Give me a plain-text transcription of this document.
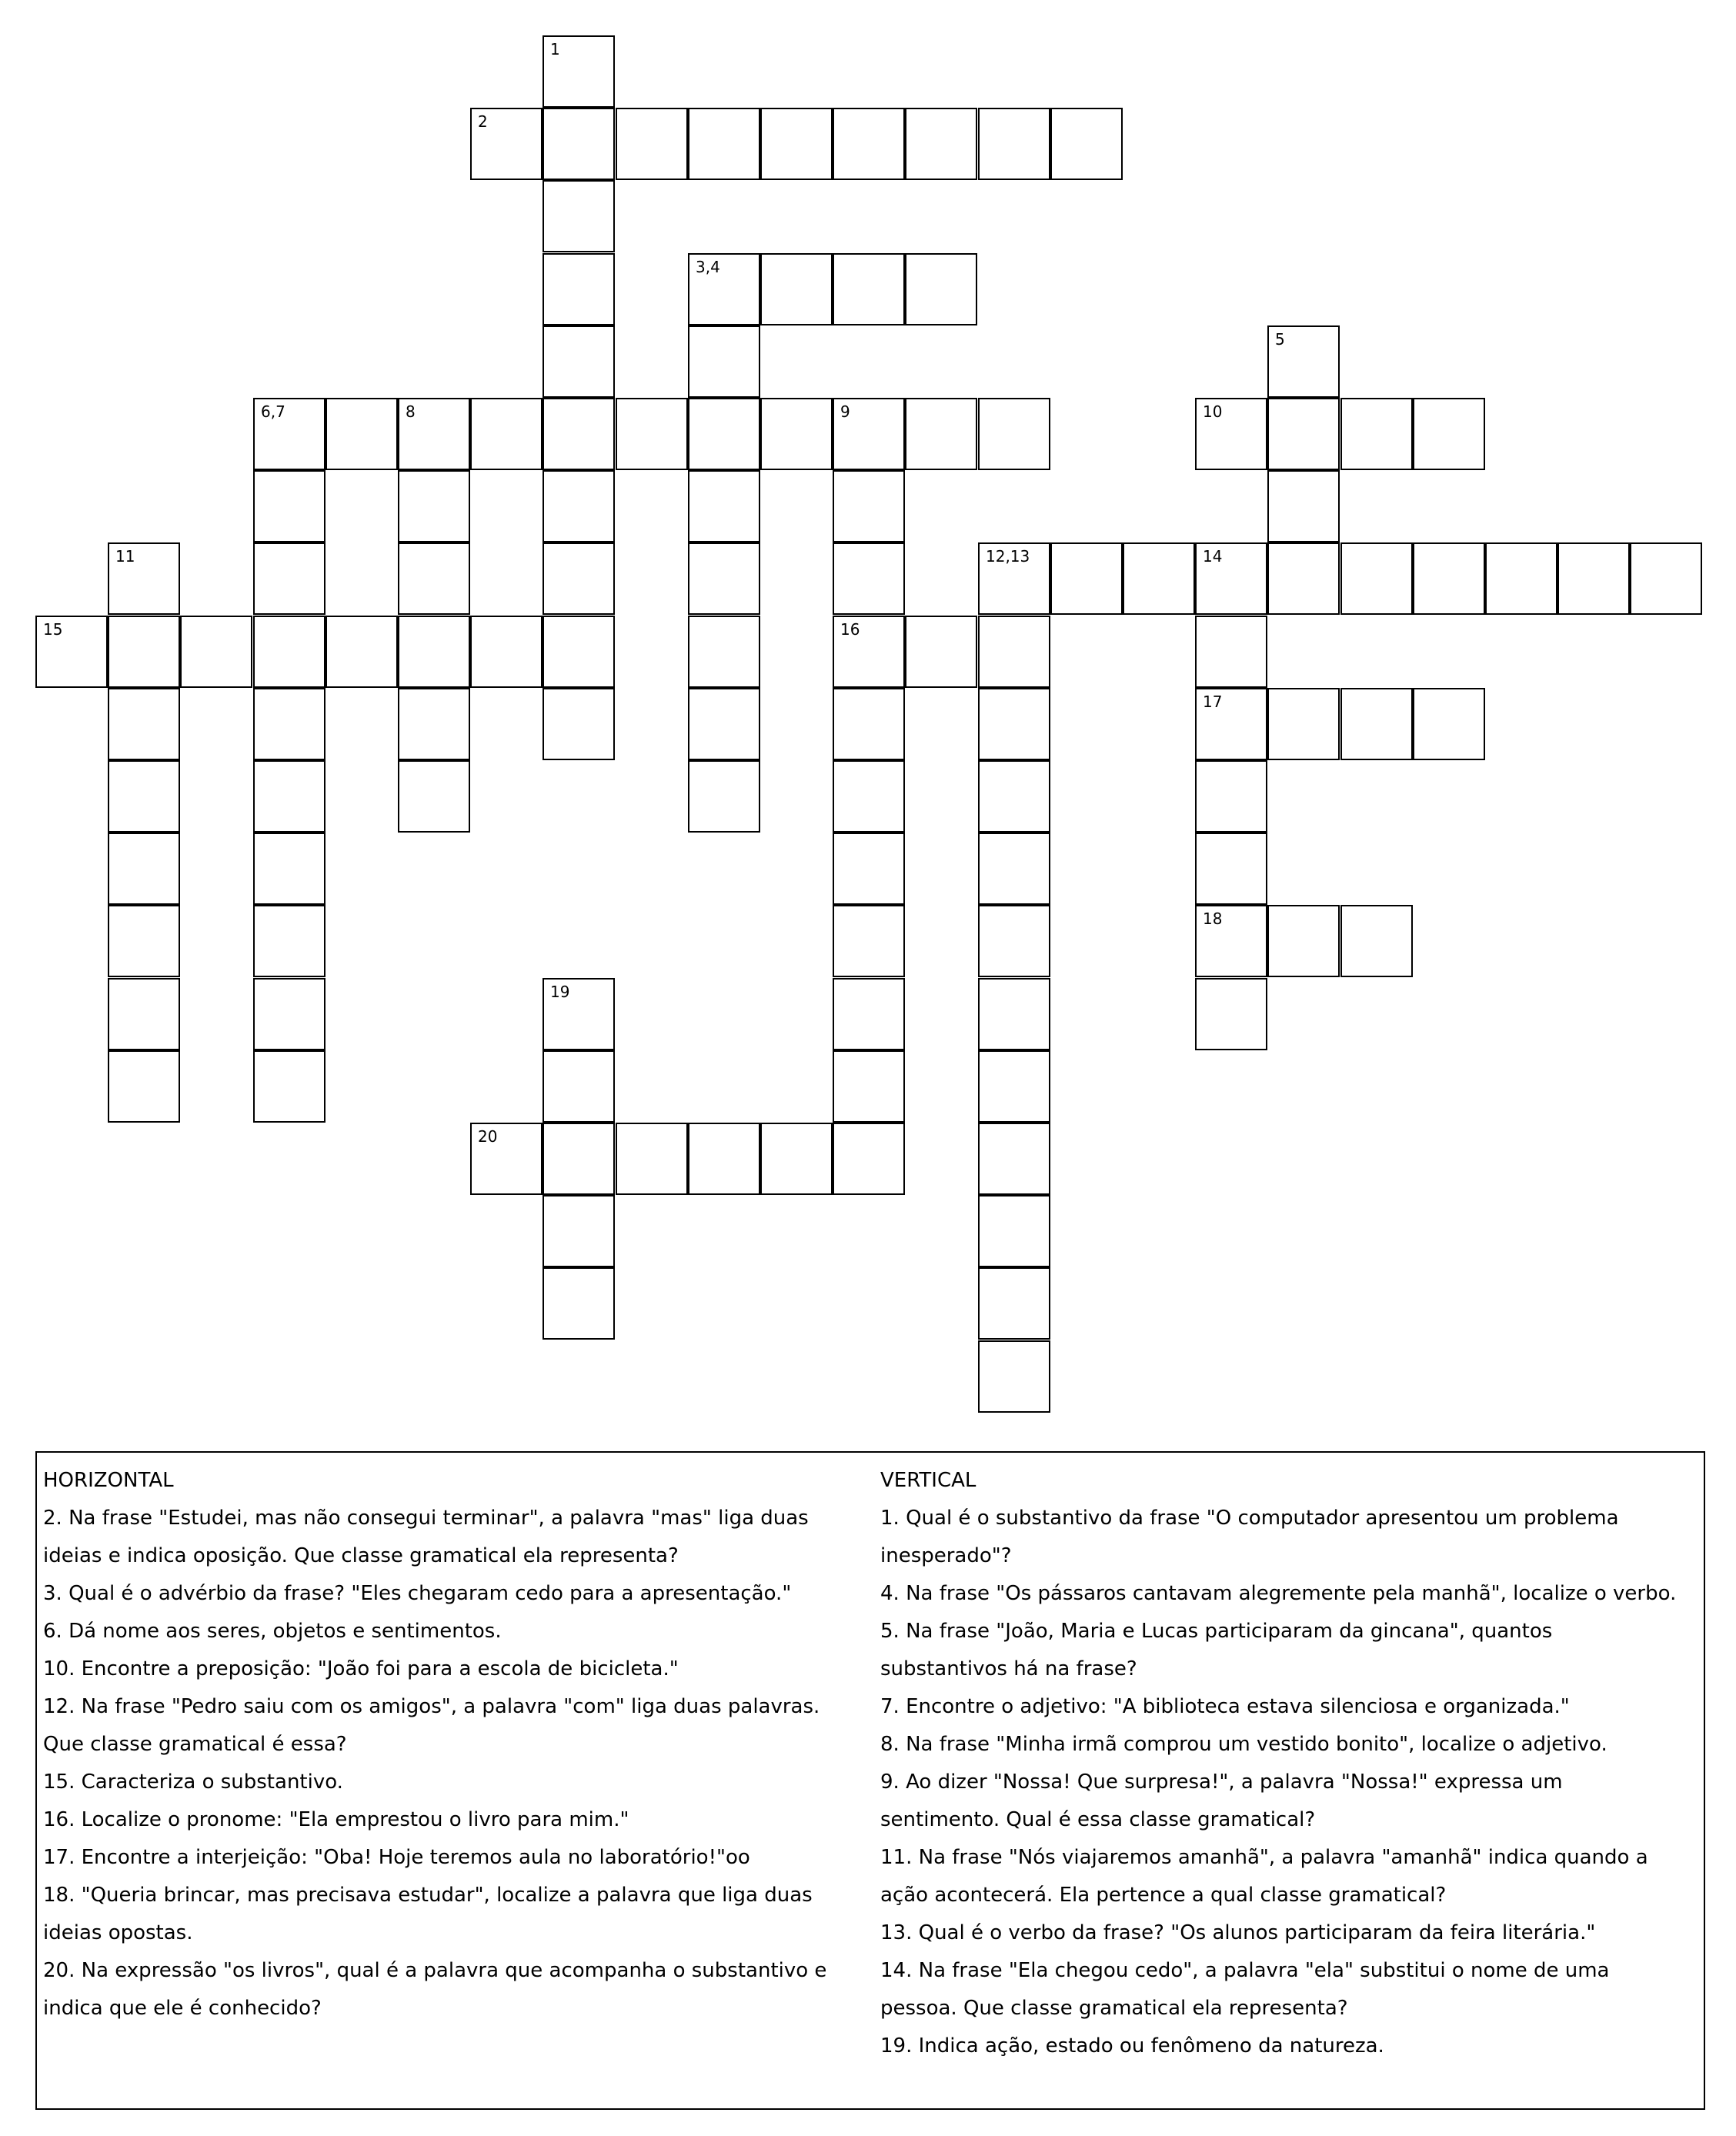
1
2
3,4
5
10
6,7	8	9
16
11
15
12,13	14
17
18
19
20
HORIZONTAL
2. Na frase "Estudei, mas não consegui terminar", a palavra "mas" liga duas
ideias e indica oposição. Que classe gramatical ela representa?
3. Qual é o advérbio da frase? "Eles chegaram cedo para a apresentação."
6. Dá nome aos seres, objetos e sentimentos.
10. Encontre a preposição: "João foi para a escola de bicicleta."
12. Na frase "Pedro saiu com os amigos", a palavra "com" liga duas palavras.
Que classe gramatical é essa?
15. Caracteriza o substantivo.
16. Localize o pronome: "Ela emprestou o livro para mim."
17. Encontre a interjeição: "Oba! Hoje teremos aula no laboratório!"oo
18. "Queria brincar, mas precisava estudar", localize a palavra que liga duas
ideias opostas.
20. Na expressão "os livros", qual é a palavra que acompanha o substantivo e
indica que ele é conhecido?
VERTICAL
1. Qual é o substantivo da frase "O computador apresentou um problema
inesperado"?
4. Na frase "Os pássaros cantavam alegremente pela manhã", localize o verbo.
5. Na frase "João, Maria e Lucas participaram da gincana", quantos
substantivos há na frase?
7. Encontre o adjetivo: "A biblioteca estava silenciosa e organizada."
8. Na frase "Minha irmã comprou um vestido bonito", localize o adjetivo.
9. Ao dizer "Nossa! Que surpresa!", a palavra "Nossa!" expressa um
sentimento. Qual é essa classe gramatical?
11. Na frase "Nós viajaremos amanhã", a palavra "amanhã" indica quando a
ação acontecerá. Ela pertence a qual classe gramatical?
13. Qual é o verbo da frase? "Os alunos participaram da feira literária."
14. Na frase "Ela chegou cedo", a palavra "ela" substitui o nome de uma
pessoa. Que classe gramatical ela representa?
19. Indica ação, estado ou fenômeno da natureza.
